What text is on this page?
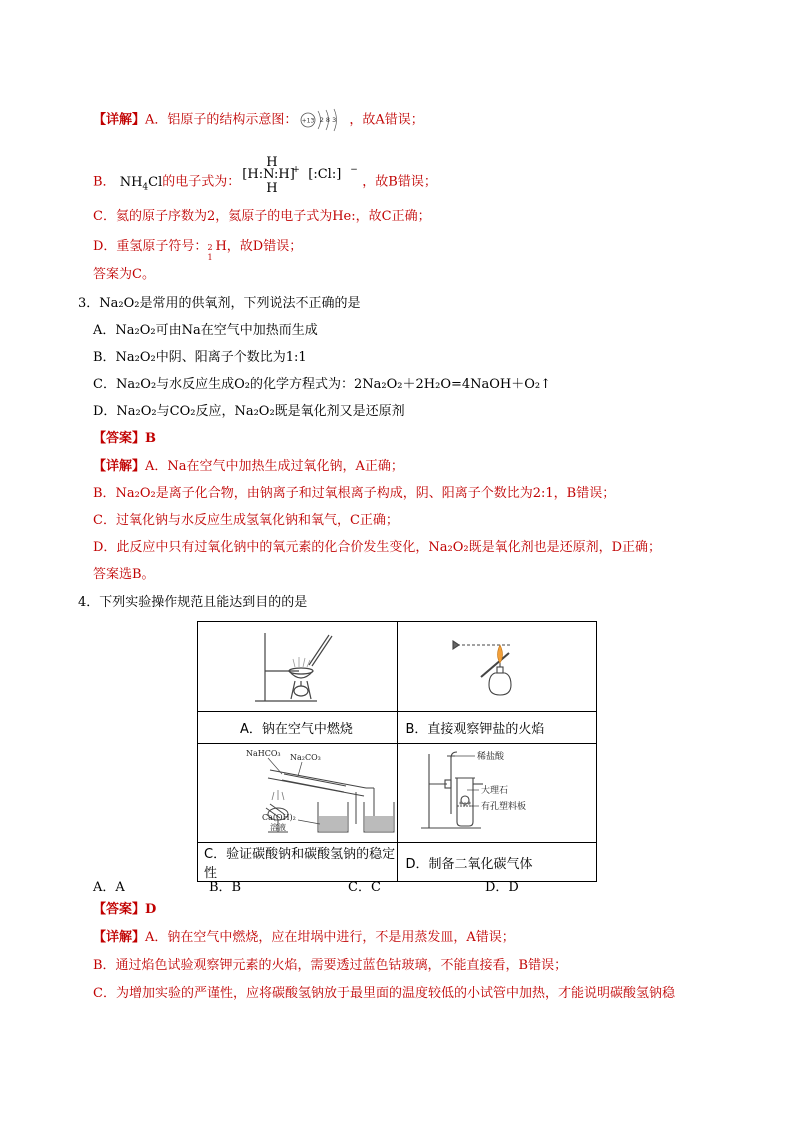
【详解】A．铝原子的结构示意图： +13 2 8 3 ，故A错误；
B． $NH_4Cl$的电子式为：
H
[H:N:H]
+ [:Cl:] −
H	，故B错误；
C．氦的原子序数为2，氦原子的电子式为He:，故C正确；
D．重氢原子符号： 2
1
H，故D错误；
答案为C。
3．Na₂O₂是常用的供氧剂，下列说法不正确的是
A．Na₂O₂可由Na在空气中加热而生成
B．Na₂O₂中阴、阳离子个数比为1:1
C．Na₂O₂与水反应生成O₂的化学方程式为：2Na₂O₂＋2H₂O=4NaOH＋O₂↑
D．Na₂O₂与CO₂反应，Na₂O₂既是氧化剂又是还原剂
【答案】B
【详解】A．Na在空气中加热生成过氧化钠，A正确；
B．Na₂O₂是离子化合物，由钠离子和过氧根离子构成，阴、阳离子个数比为2:1，B错误；
C．过氧化钠与水反应生成氢氧化钠和氧气，C正确；
D．此反应中只有过氧化钠中的氧元素的化合价发生变化，Na₂O₂既是氧化剂也是还原剂，D正确；
答案选B。
4．下列实验操作规范且能达到目的的是

A．钠在空气中燃烧	B．直接观察钾盐的火焰

NaHCO₃ Na₂CO₃
Ca(OH)₂
溶液	稀盐酸
大理石
有孔塑料板

C．验证碳酸钠和碳酸氢钠的稳定性	D．制备二氧化碳气体
A．A	B．B	C．C	D．D
【答案】D
【详解】A．钠在空气中燃烧，应在坩埚中进行，不是用蒸发皿，A错误；
B．通过焰色试验观察钾元素的火焰，需要透过蓝色钴玻璃，不能直接看，B错误；
C．为增加实验的严谨性，应将碳酸氢钠放于最里面的温度较低的小试管中加热，才能说明碳酸氢钠稳
